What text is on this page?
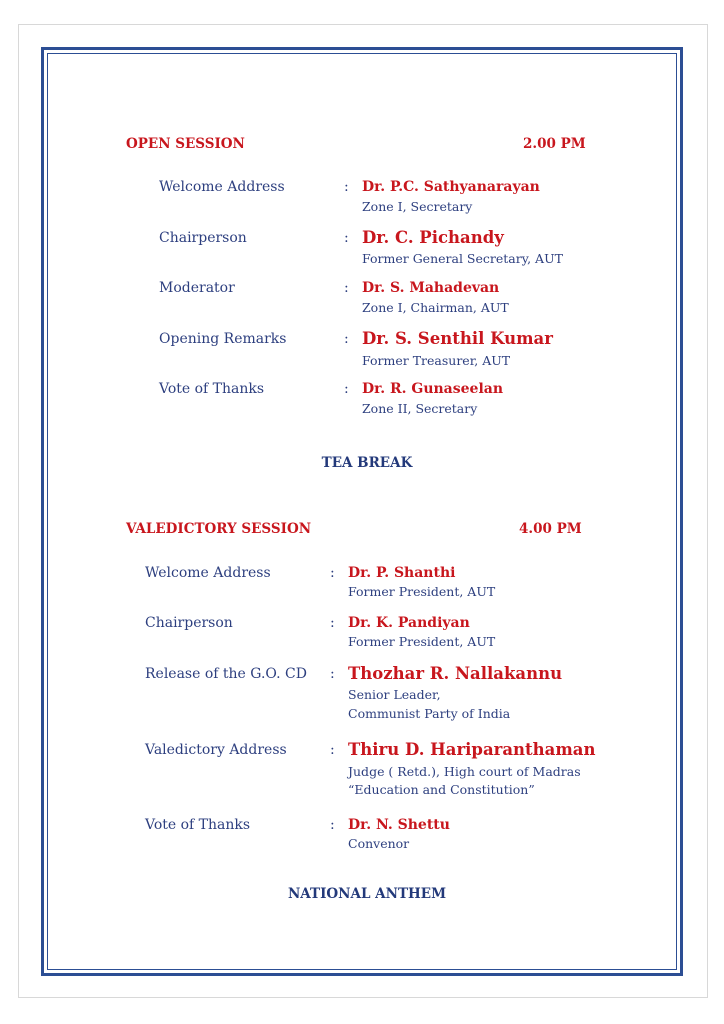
OPEN SESSION	2.00 PM
Welcome Address	: Dr. P.C. Sathyanarayan
Zone I, Secretary
Chairperson	: Dr. C. Pichandy
Former General Secretary, AUT
Moderator	: Dr. S. Mahadevan
Zone I, Chairman, AUT
Opening Remarks	: Dr. S. Senthil Kumar
Former Treasurer, AUT
Vote of Thanks	: Dr. R. Gunaseelan
Zone II, Secretary
TEA BREAK
VALEDICTORY SESSION	4.00 PM
Welcome Address	: Dr. P. Shanthi
Former President, AUT
Chairperson	: Dr. K. Pandiyan
Former President, AUT
Release of the G.O. CD : Thozhar R. Nallakannu
Senior Leader,
Communist Party of India
Valedictory Address	: Thiru D. Hariparanthaman
Judge ( Retd.), High court of Madras
“Education and Constitution”
Vote of Thanks	: Dr. N. Shettu
Convenor
NATIONAL ANTHEM
